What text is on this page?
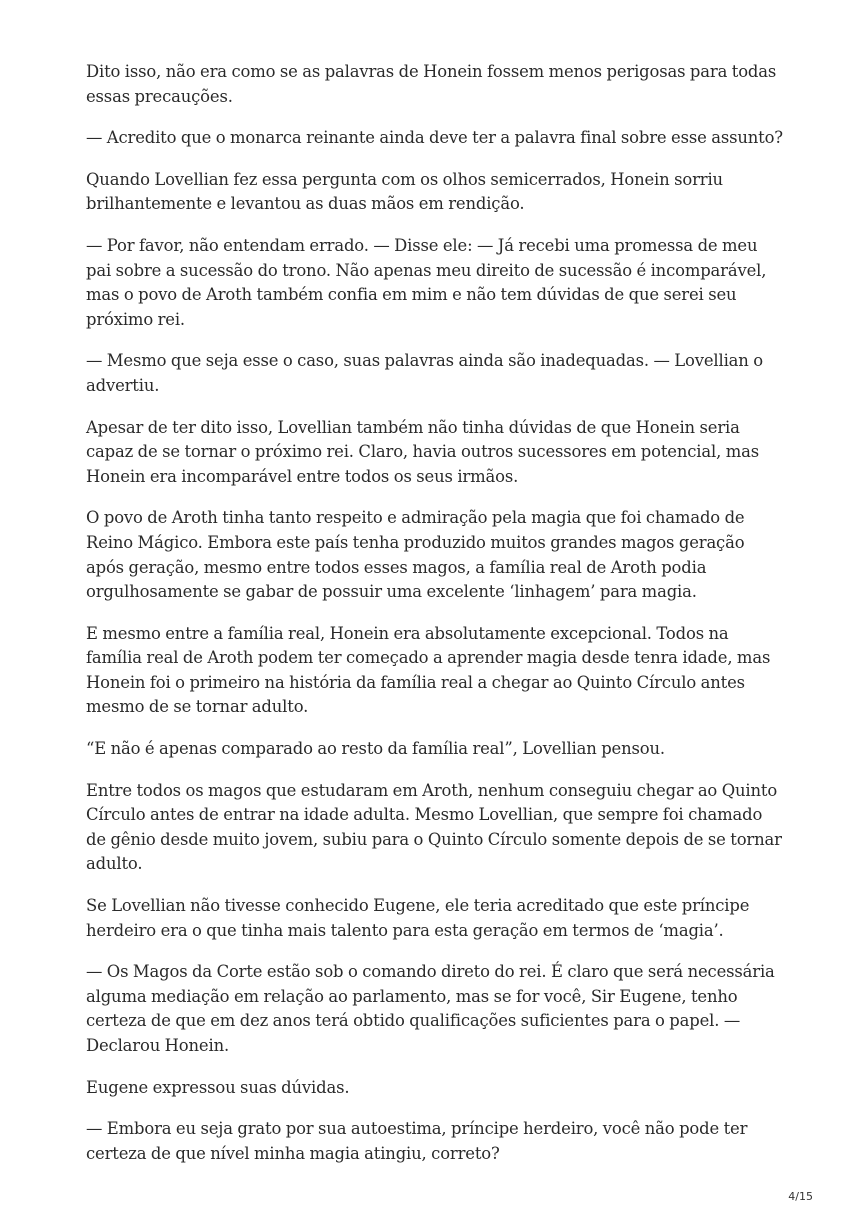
Dito isso, não era como se as palavras de Honein fossem menos perigosas para todas essas precauções.

— Acredito que o monarca reinante ainda deve ter a palavra final sobre esse assunto?

Quando Lovellian fez essa pergunta com os olhos semicerrados, Honein sorriu brilhantemente e levantou as duas mãos em rendição.

— Por favor, não entendam errado. — Disse ele: — Já recebi uma promessa de meu pai sobre a sucessão do trono. Não apenas meu direito de sucessão é incomparável, mas o povo de Aroth também confia em mim e não tem dúvidas de que serei seu próximo rei.

— Mesmo que seja esse o caso, suas palavras ainda são inadequadas. — Lovellian o advertiu.

Apesar de ter dito isso, Lovellian também não tinha dúvidas de que Honein seria capaz de se tornar o próximo rei. Claro, havia outros sucessores em potencial, mas Honein era incomparável entre todos os seus irmãos.

O povo de Aroth tinha tanto respeito e admiração pela magia que foi chamado de Reino Mágico. Embora este país tenha produzido muitos grandes magos geração após geração, mesmo entre todos esses magos, a família real de Aroth podia orgulhosamente se gabar de possuir uma excelente ‘linhagem’ para magia.

E mesmo entre a família real, Honein era absolutamente excepcional. Todos na família real de Aroth podem ter começado a aprender magia desde tenra idade, mas Honein foi o primeiro na história da família real a chegar ao Quinto Círculo antes mesmo de se tornar adulto.

“E não é apenas comparado ao resto da família real”, Lovellian pensou.

Entre todos os magos que estudaram em Aroth, nenhum conseguiu chegar ao Quinto Círculo antes de entrar na idade adulta. Mesmo Lovellian, que sempre foi chamado de gênio desde muito jovem, subiu para o Quinto Círculo somente depois de se tornar adulto.

Se Lovellian não tivesse conhecido Eugene, ele teria acreditado que este príncipe herdeiro era o que tinha mais talento para esta geração em termos de ‘magia’.

— Os Magos da Corte estão sob o comando direto do rei. É claro que será necessária alguma mediação em relação ao parlamento, mas se for você, Sir Eugene, tenho certeza de que em dez anos terá obtido qualificações suficientes para o papel. — Declarou Honein.

Eugene expressou suas dúvidas.

— Embora eu seja grato por sua autoestima, príncipe herdeiro, você não pode ter certeza de que nível minha magia atingiu, correto?

4/15
